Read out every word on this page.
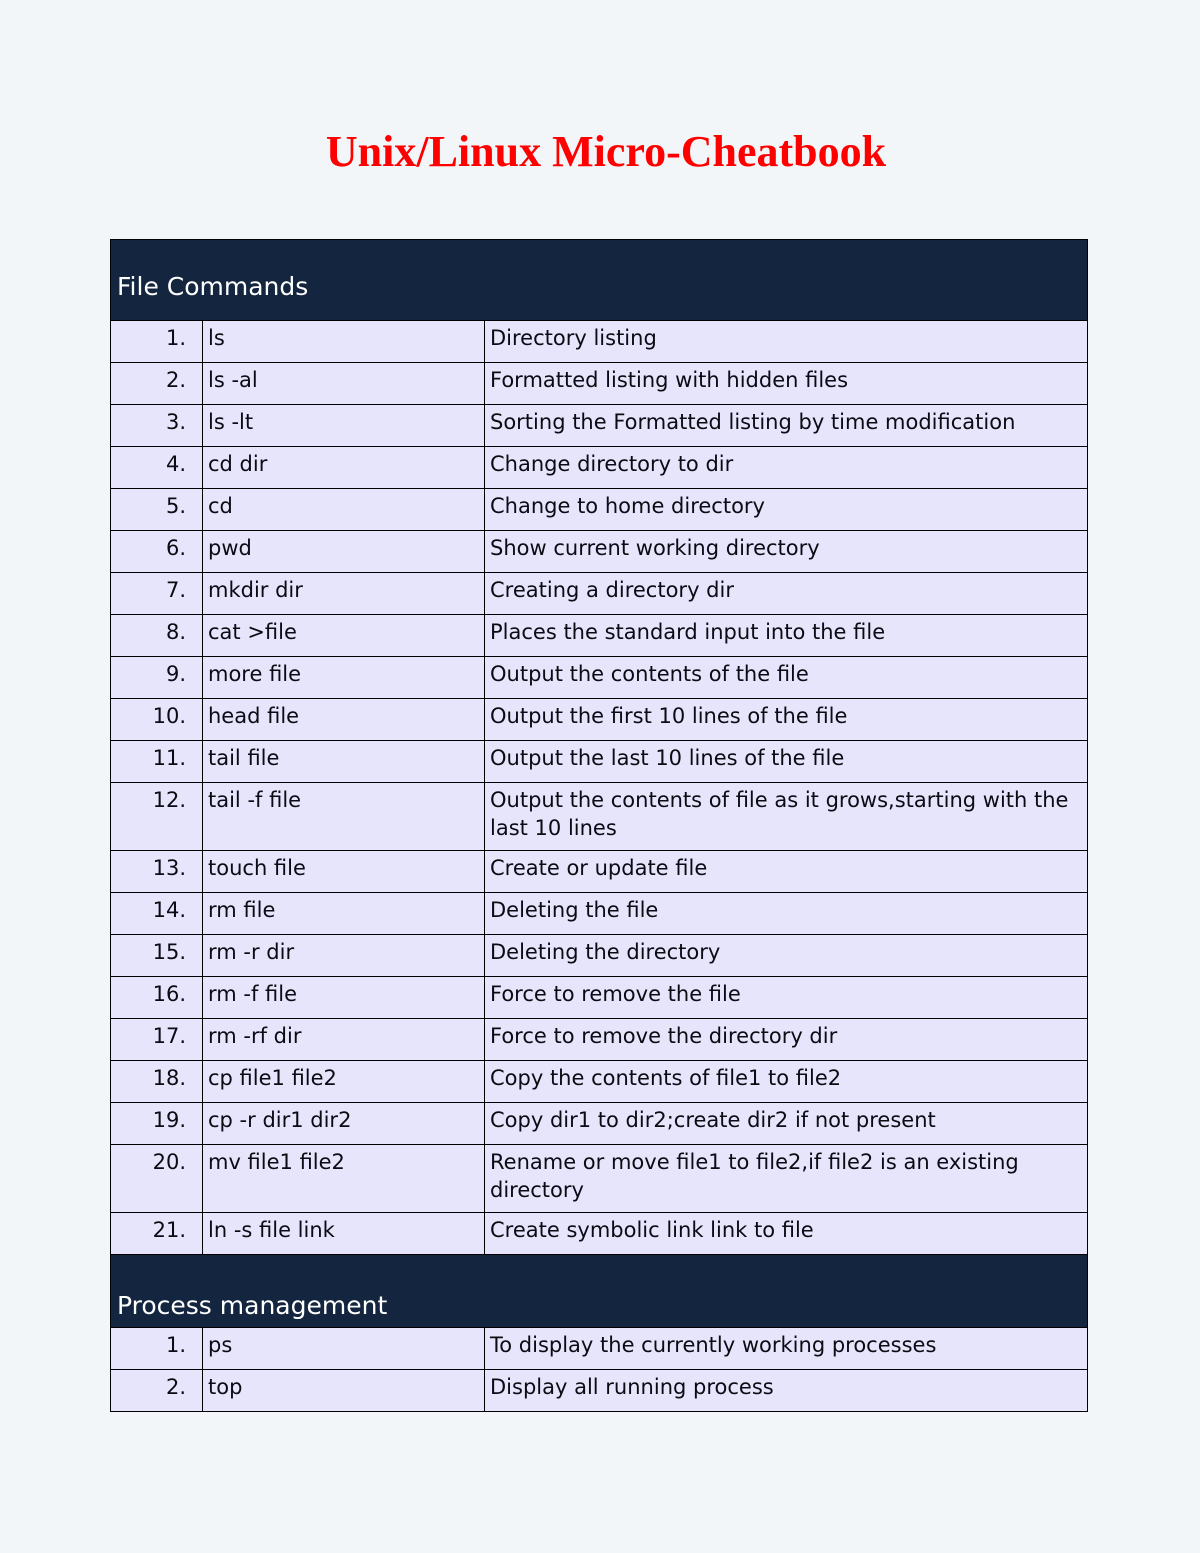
Unix/Linux Micro-Cheatbook
File Commands		
1.	ls	Directory listing
2.	ls -al	Formatted listing with hidden files
3.	ls -lt	Sorting the Formatted listing by time modification
4.	cd dir	Change directory to dir
5.	cd	Change to home directory
6.	pwd	Show current working directory
7.	mkdir dir	Creating a directory dir
8.	cat >file	Places the standard input into the file
9.	more file	Output the contents of the file
10.	head file	Output the first 10 lines of the file
11.	tail file	Output the last 10 lines of the file
12.	tail -f file	Output the contents of file as it grows,starting with the last 10 lines
13.	touch file	Create or update file
14.	rm file	Deleting the file
15.	rm -r dir	Deleting the directory
16.	rm -f file	Force to remove the file
17.	rm -rf dir	Force to remove the directory dir
18.	cp file1 file2	Copy the contents of file1 to file2
19.	cp -r dir1 dir2	Copy dir1 to dir2;create dir2 if not present
20.	mv file1 file2	Rename or move file1 to file2,if file2 is an existing directory
21.	ln -s file link	Create symbolic link link to file
Process management		
1.	ps	To display the currently working processes
2.	top	Display all running process
